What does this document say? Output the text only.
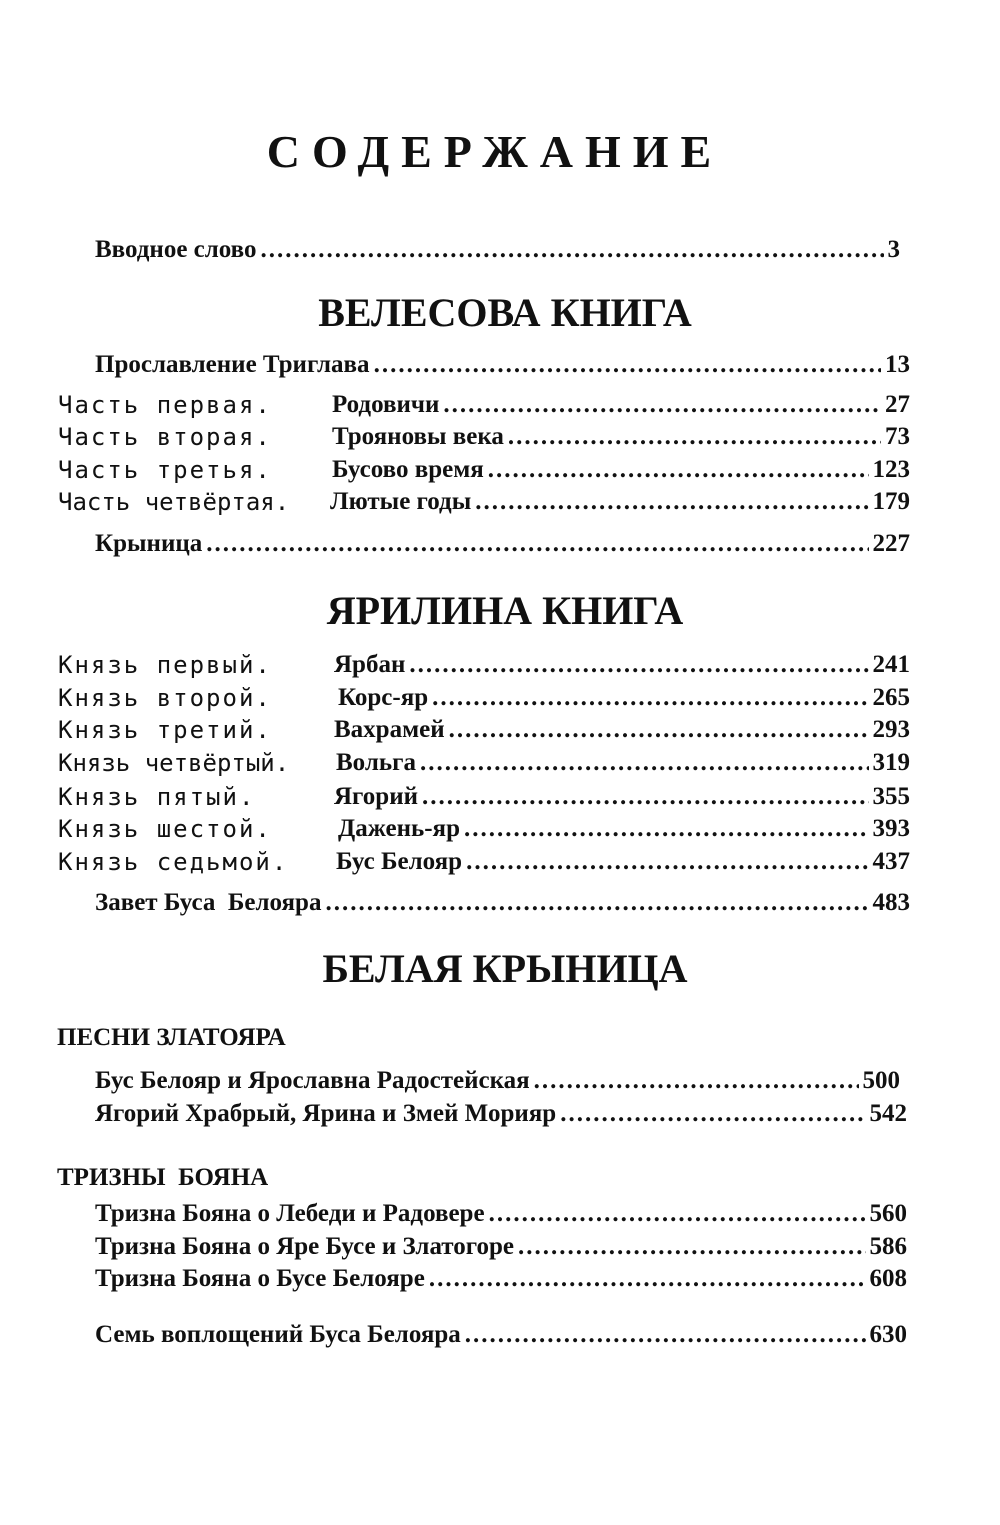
СОДЕРЖАНИЕ
Вводное слово .....	3
ВЕЛЕСОВА КНИГА
Прославление Триглава .....	13
Часть первая. Родовичи .....	27
Часть вторая. Трояновы века .....	73
Часть третья. Бусово время .....	123
Часть четвёртая. Лютые годы .....	179
Крыница .....	227
ЯРИЛИНА КНИГА
Князь первый. Ярбан .....	241
Князь второй.	Корс-яр .....	265
Князь третий. Вахрамей .....	293
Князь четвёртый. Вольга .....	319
Князь пятый.	Ягорий .....	355
Князь шестой.	Дажень-яр .....	393
Князь седьмой. Бус Белояр .....	437
Завет Буса  Белояра .....	483
БЕЛАЯ КРЫНИЦА
ПЕСНИ ЗЛАТОЯРА
Бус Белояр и Ярославна Радостейская .....	500
Ягорий Храбрый, Ярина и Змей Морияр .....	542
ТРИЗНЫ  БОЯНА
Тризна Бояна о Лебеди и Радовере .....	560
Тризна Бояна о Яре Бусе и Златогоре .....	586
Тризна Бояна о Бусе Белояре .....	608
Семь воплощений Буса Белояра .....	630
